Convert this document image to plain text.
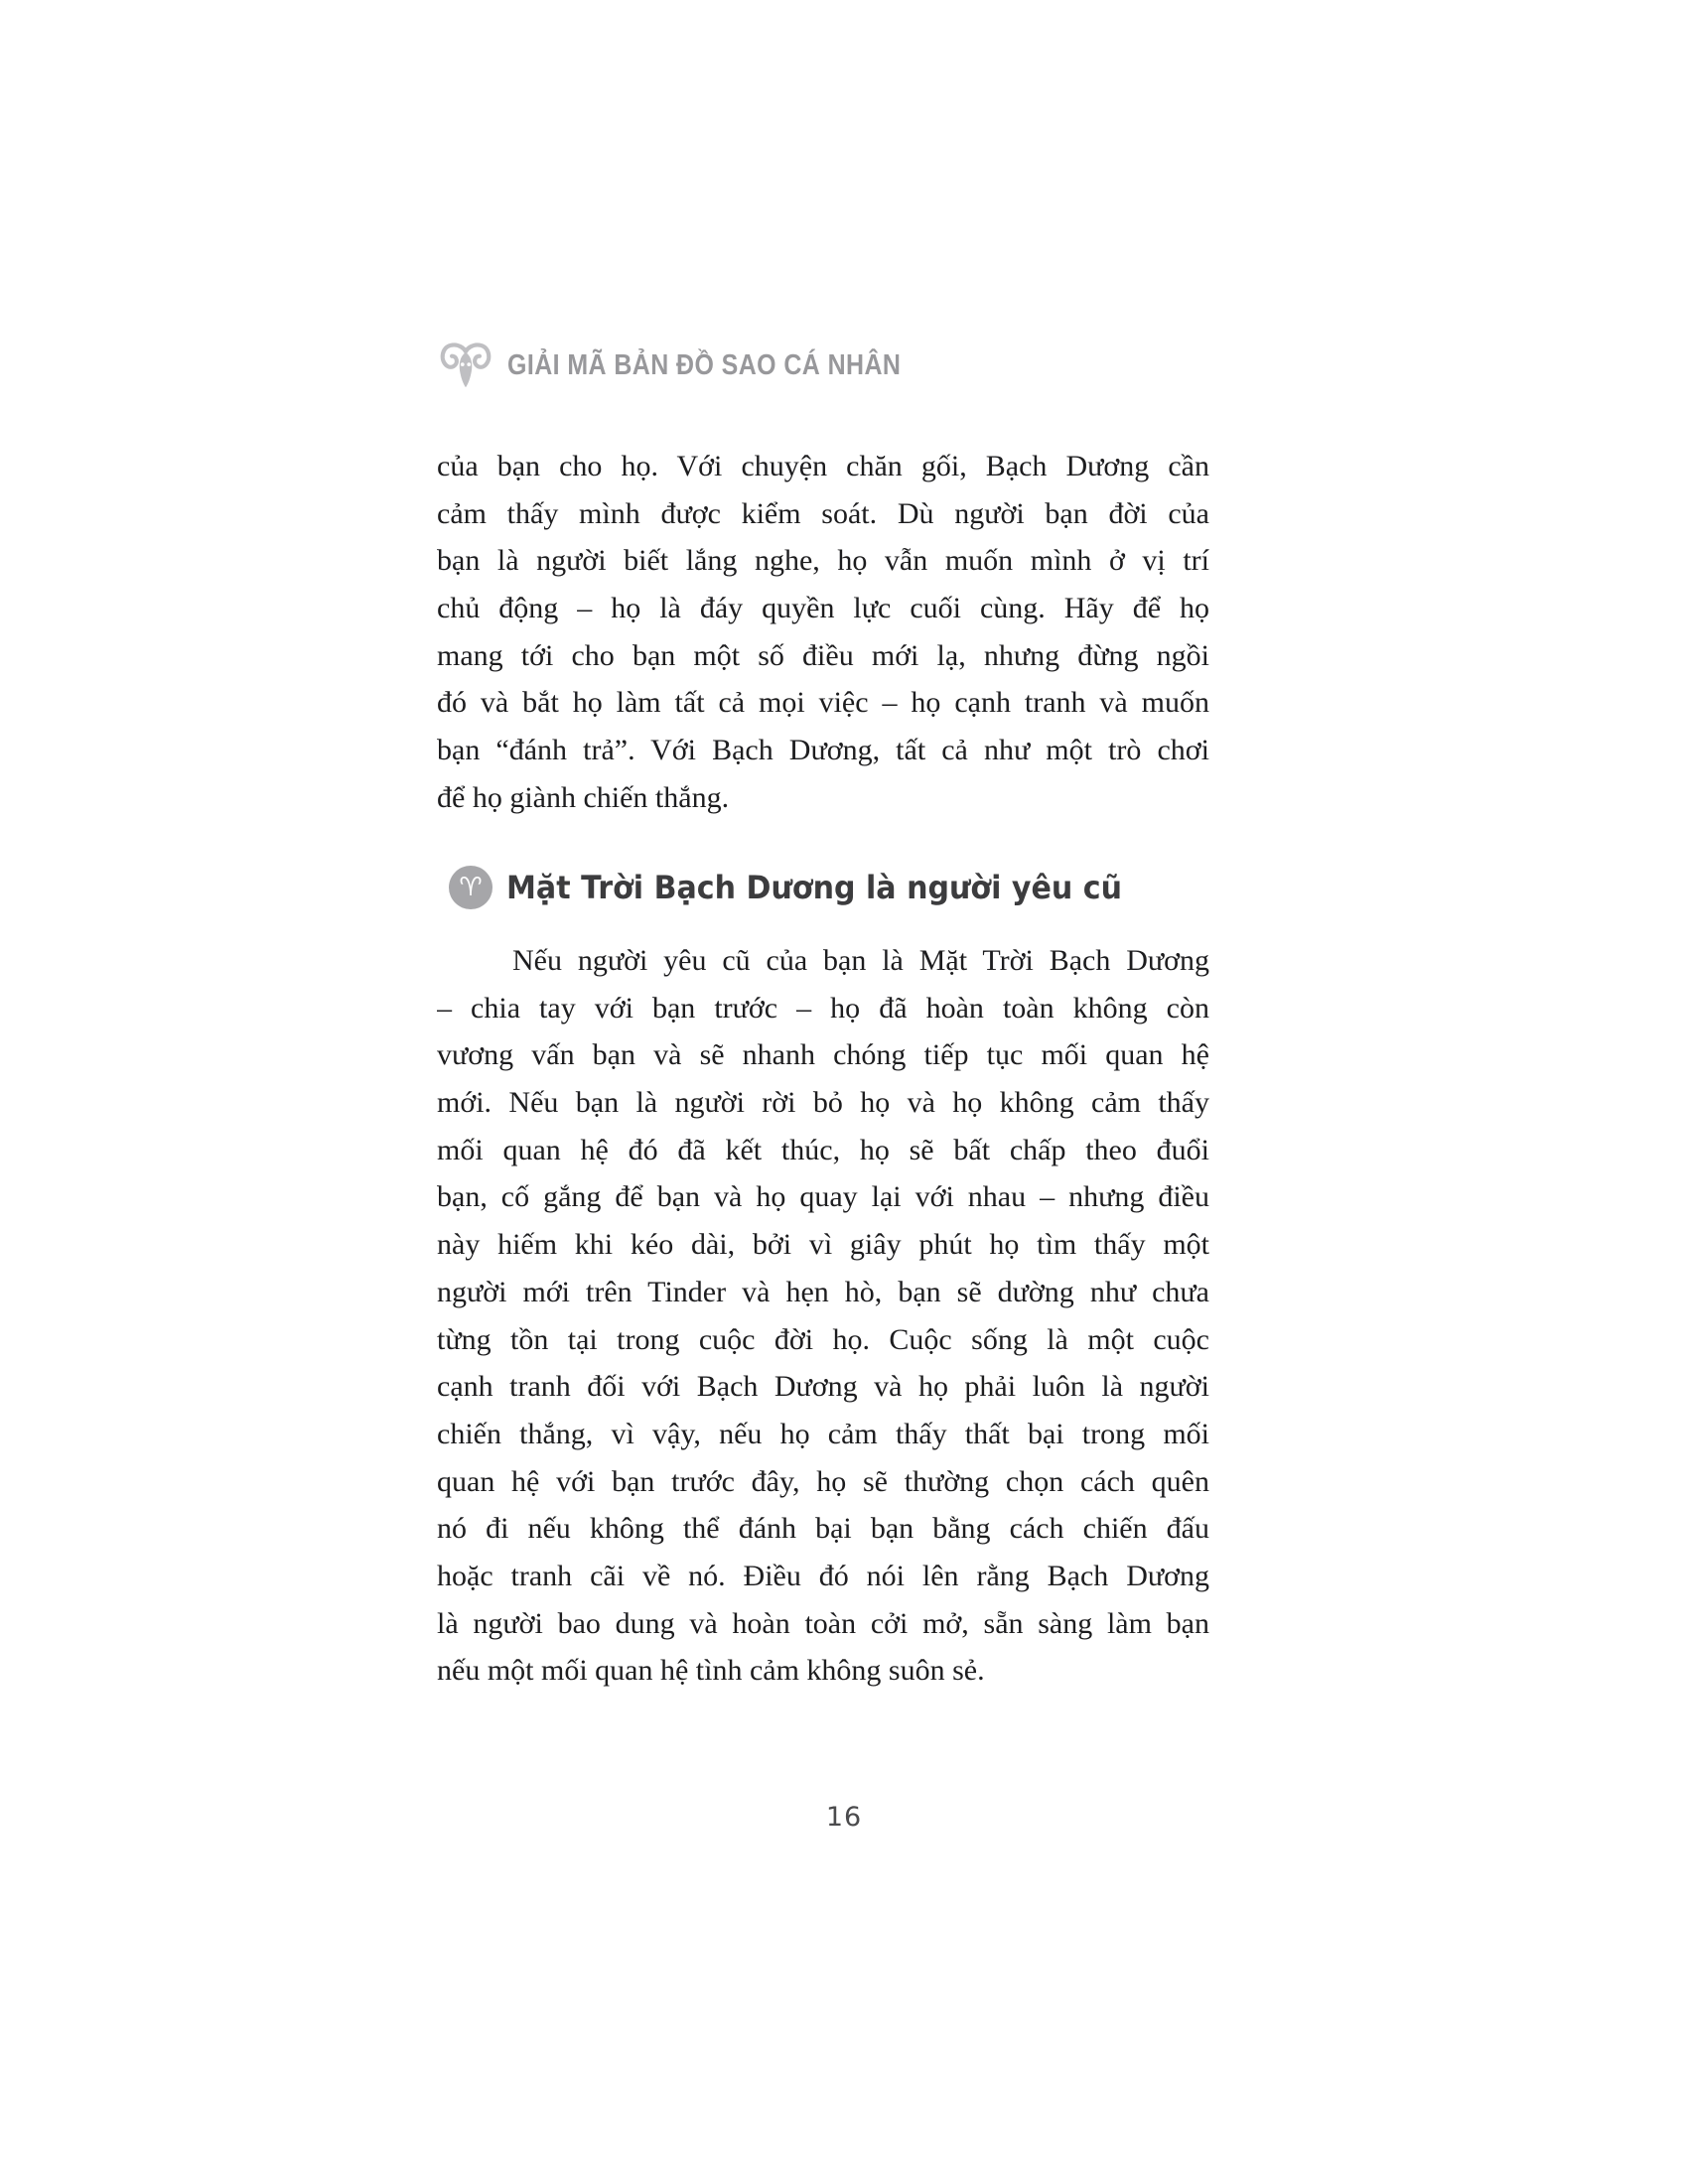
GIẢI MÃ BẢN ĐỒ SAO CÁ NHÂN
của bạn cho họ. Với chuyện chăn gối, Bạch Dương cần
cảm thấy mình được kiểm soát. Dù người bạn đời của
bạn là người biết lắng nghe, họ vẫn muốn mình ở vị trí
chủ động – họ là đáy quyền lực cuối cùng. Hãy để họ
mang tới cho bạn một số điều mới lạ, nhưng đừng ngồi
đó và bắt họ làm tất cả mọi việc – họ cạnh tranh và muốn
bạn “đánh trả”. Với Bạch Dương, tất cả như một trò chơi
để họ giành chiến thắng.
♈ Mặt Trời Bạch Dương là người yêu cũ
Nếu người yêu cũ của bạn là Mặt Trời Bạch Dương
– chia tay với bạn trước – họ đã hoàn toàn không còn
vương vấn bạn và sẽ nhanh chóng tiếp tục mối quan hệ
mới. Nếu bạn là người rời bỏ họ và họ không cảm thấy
mối quan hệ đó đã kết thúc, họ sẽ bất chấp theo đuổi
bạn, cố gắng để bạn và họ quay lại với nhau – nhưng điều
này hiếm khi kéo dài, bởi vì giây phút họ tìm thấy một
người mới trên Tinder và hẹn hò, bạn sẽ dường như chưa
từng tồn tại trong cuộc đời họ. Cuộc sống là một cuộc
cạnh tranh đối với Bạch Dương và họ phải luôn là người
chiến thắng, vì vậy, nếu họ cảm thấy thất bại trong mối
quan hệ với bạn trước đây, họ sẽ thường chọn cách quên
nó đi nếu không thể đánh bại bạn bằng cách chiến đấu
hoặc tranh cãi về nó. Điều đó nói lên rằng Bạch Dương
là người bao dung và hoàn toàn cởi mở, sẵn sàng làm bạn
nếu một mối quan hệ tình cảm không suôn sẻ.
16
